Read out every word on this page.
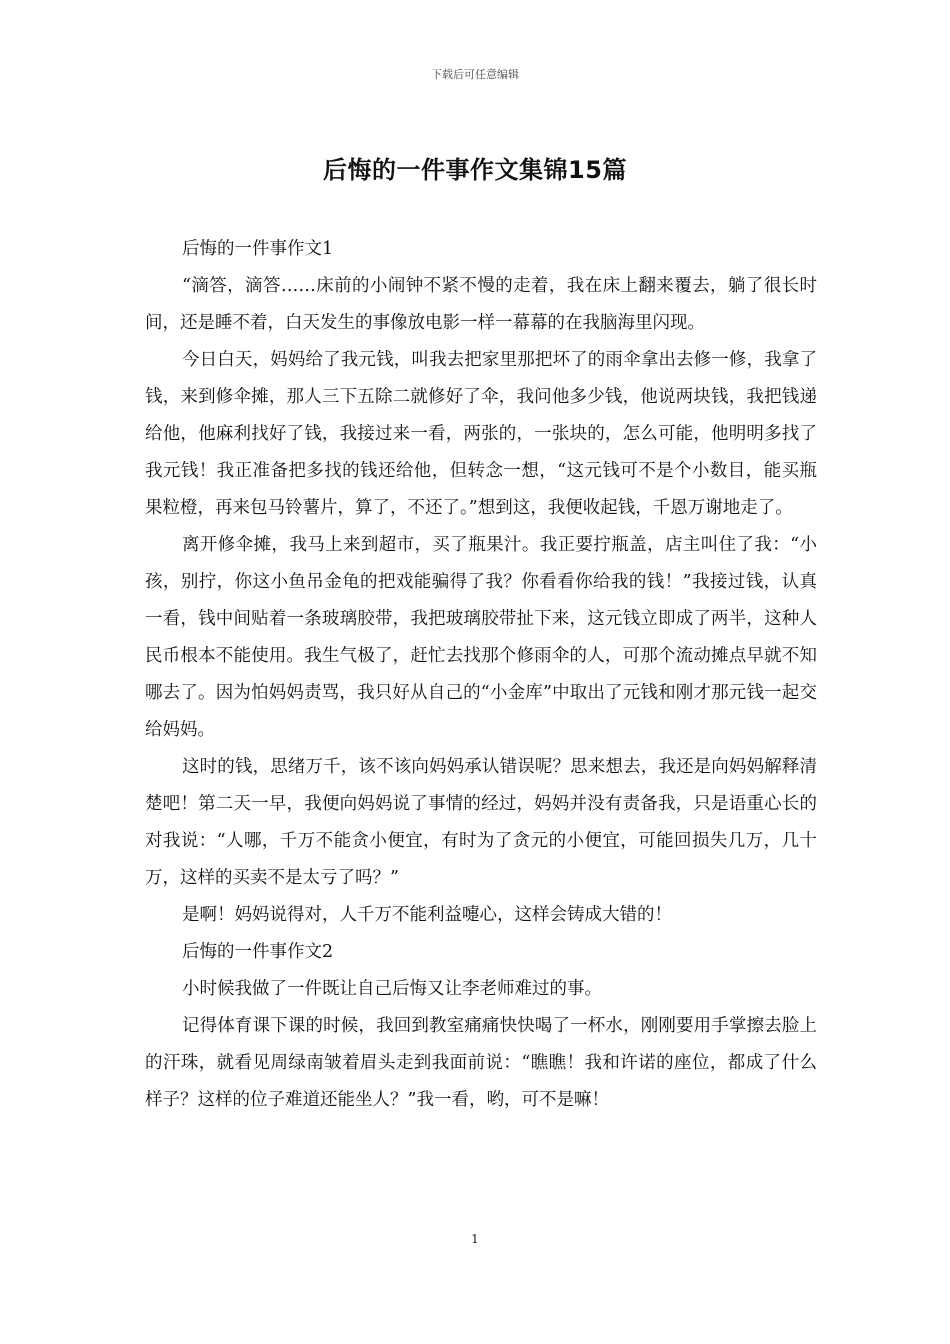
下载后可任意编辑
后悔的一件事作文集锦15篇

后悔的一件事作文1

“滴答，滴答……床前的小闹钟不紧不慢的走着，我在床上翻来覆去，躺了很长时间，还是睡不着，白天发生的事像放电影一样一幕幕的在我脑海里闪现。

今日白天，妈妈给了我元钱，叫我去把家里那把坏了的雨伞拿出去修一修，我拿了钱，来到修伞摊，那人三下五除二就修好了伞，我问他多少钱，他说两块钱，我把钱递给他，他麻利找好了钱，我接过来一看，两张的，一张块的，怎么可能，他明明多找了我元钱！我正准备把多找的钱还给他，但转念一想，“这元钱可不是个小数目，能买瓶果粒橙，再来包马铃薯片，算了，不还了。”想到这，我便收起钱，千恩万谢地走了。

离开修伞摊，我马上来到超市，买了瓶果汁。我正要拧瓶盖，店主叫住了我：“小孩，别拧，你这小鱼吊金龟的把戏能骗得了我？你看看你给我的钱！”我接过钱，认真一看，钱中间贴着一条玻璃胶带，我把玻璃胶带扯下来，这元钱立即成了两半，这种人民币根本不能使用。我生气极了，赶忙去找那个修雨伞的人，可那个流动摊点早就不知哪去了。因为怕妈妈责骂，我只好从自己的“小金库”中取出了元钱和刚才那元钱一起交给妈妈。

这时的钱，思绪万千，该不该向妈妈承认错误呢？思来想去，我还是向妈妈解释清楚吧！第二天一早，我便向妈妈说了事情的经过，妈妈并没有责备我，只是语重心长的对我说：“人哪，千万不能贪小便宜，有时为了贪元的小便宜，可能回损失几万，几十万，这样的买卖不是太亏了吗？”

是啊！妈妈说得对，人千万不能利益嚏心，这样会铸成大错的！

后悔的一件事作文2

小时候我做了一件既让自己后悔又让李老师难过的事。

记得体育课下课的时候，我回到教室痛痛快快喝了一杯水，刚刚要用手掌擦去脸上的汗珠，就看见周绿南皱着眉头走到我面前说：“瞧瞧！我和许诺的座位，都成了什么样子？这样的位子难道还能坐人？”我一看，哟，可不是嘛！

1
